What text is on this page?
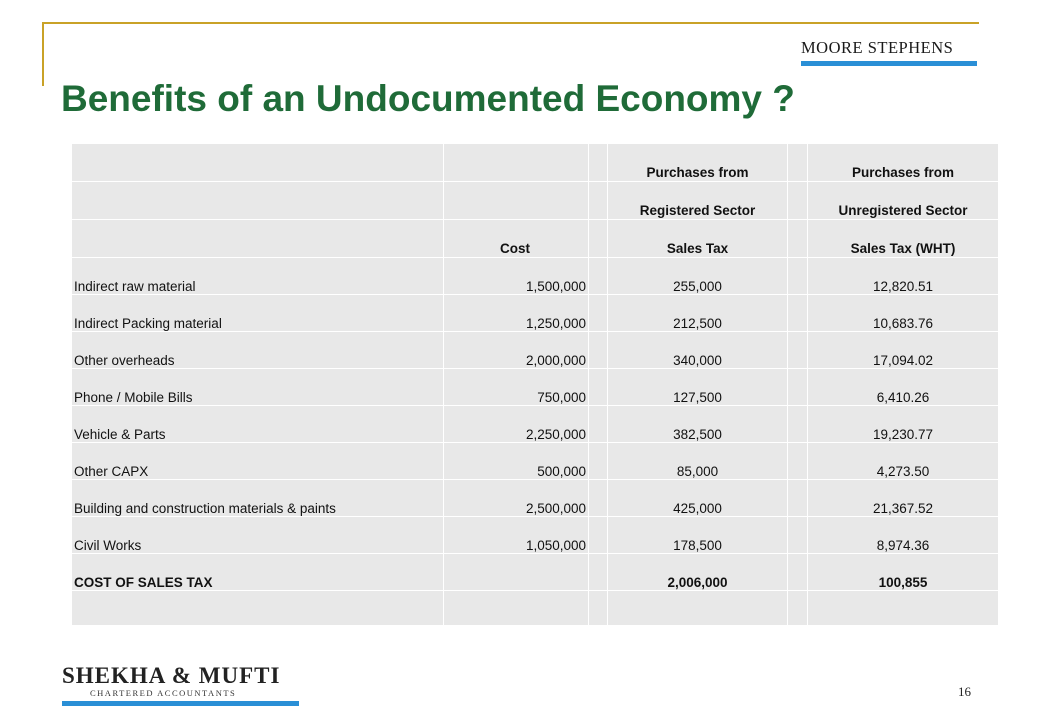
MOORE STEPHENS
Benefits of an Undocumented Economy ?
			Purchases from		Purchases from
			Registered Sector		Unregistered Sector
	Cost		Sales Tax		Sales Tax (WHT)
Indirect raw material	1,500,000		255,000		12,820.51
Indirect Packing material	1,250,000		212,500		10,683.76
Other overheads	2,000,000		340,000		17,094.02
Phone / Mobile Bills	750,000		127,500		6,410.26
Vehicle & Parts	2,250,000		382,500		19,230.77
Other CAPX	500,000		85,000		4,273.50
Building and construction materials & paints	2,500,000		425,000		21,367.52
Civil Works	1,050,000		178,500		8,974.36
COST OF SALES TAX			2,006,000		100,855

SHEKHA & MUFTI
CHARTERED ACCOUNTANTS	16
